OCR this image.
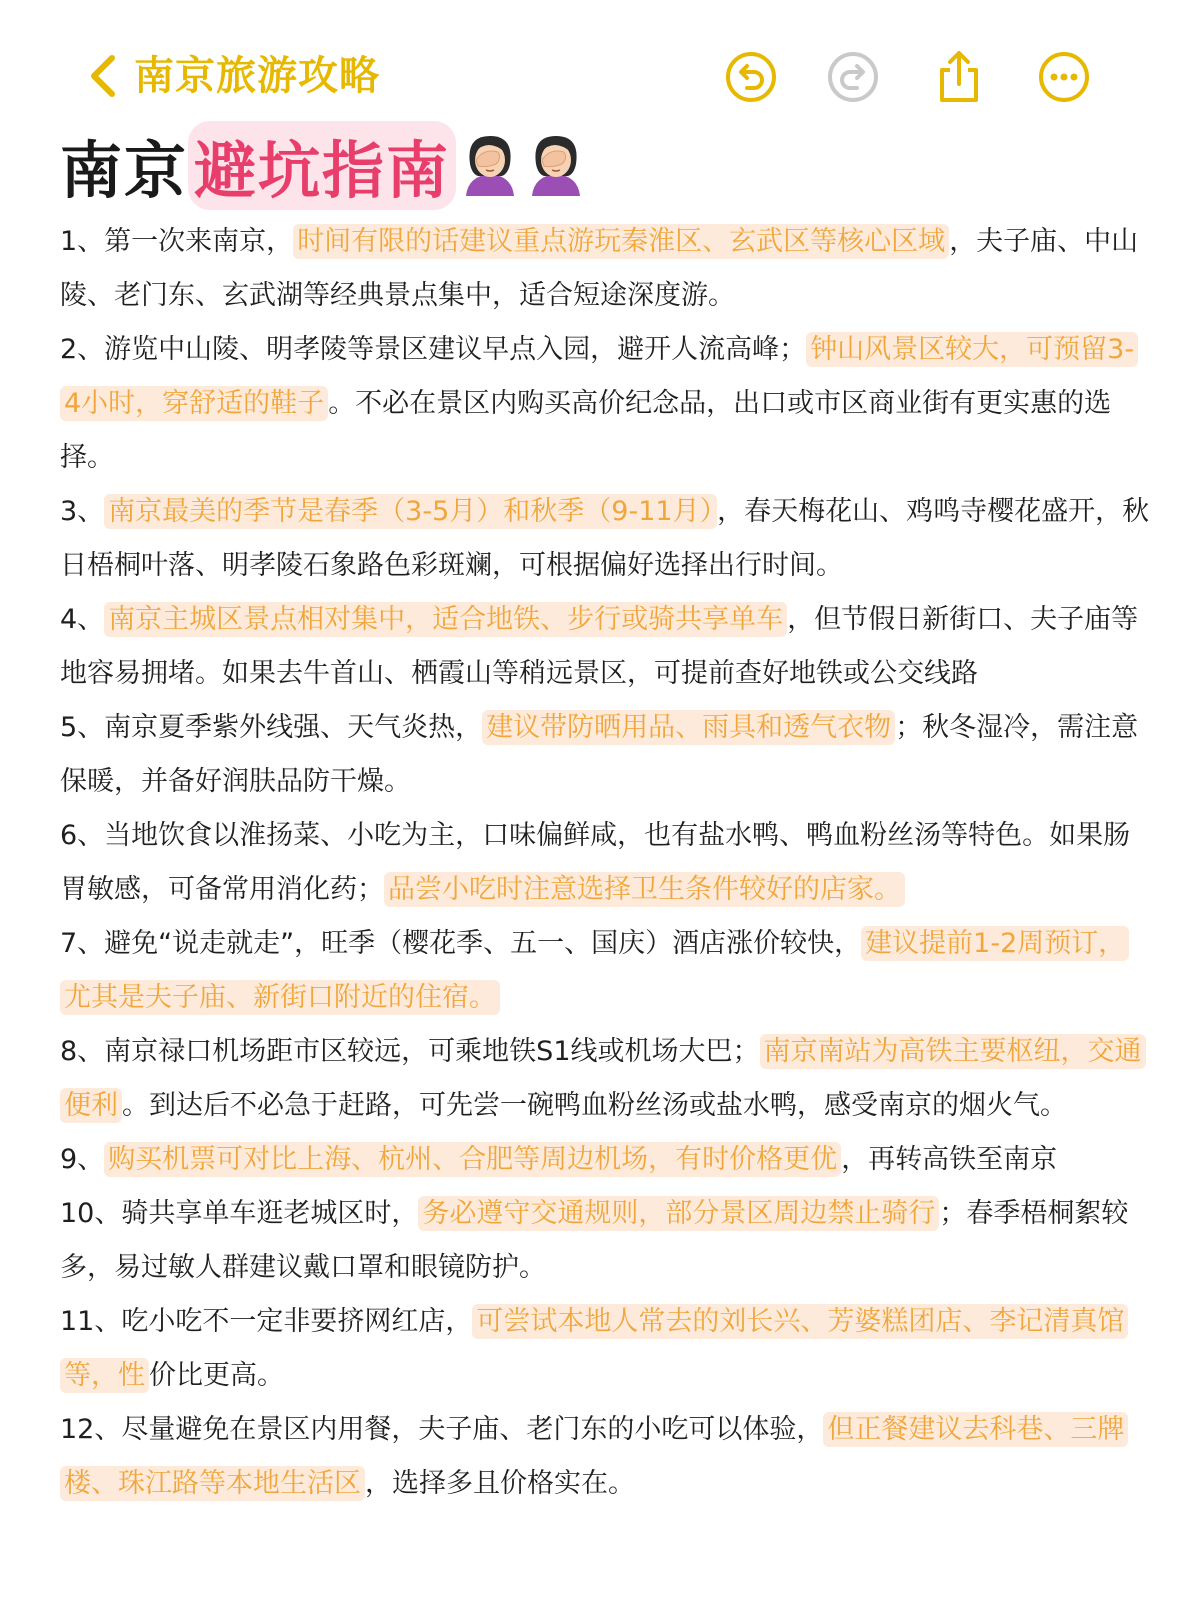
南京旅游攻略
南京 避坑指南

1、第一次来南京， 时间有限的话建议重点游玩秦淮区、玄武区等核心区域 ，夫子庙、中山陵、老门东、玄武湖等经典景点集中，适合短途深度游。

2、游览中山陵、明孝陵等景区建议早点入园，避开人流高峰； 钟山风景区较大，可预留3-4小时，穿舒适的鞋子 。不必在景区内购买高价纪念品，出口或市区商业街有更实惠的选择。

3、 南京最美的季节是春季（3-5月）和秋季（9-11月） ，春天梅花山、鸡鸣寺樱花盛开，秋日梧桐叶落、明孝陵石象路色彩斑斓，可根据偏好选择出行时间。

4、 南京主城区景点相对集中，适合地铁、步行或骑共享单车 ，但节假日新街口、夫子庙等地容易拥堵。如果去牛首山、栖霞山等稍远景区，可提前查好地铁或公交线路

5、南京夏季紫外线强、天气炎热， 建议带防晒用品、雨具和透气衣物 ；秋冬湿冷，需注意保暖，并备好润肤品防干燥。

6、当地饮食以淮扬菜、小吃为主，口味偏鲜咸，也有盐水鸭、鸭血粉丝汤等特色。如果肠胃敏感，可备常用消化药； 品尝小吃时注意选择卫生条件较好的店家。

7、避免“说走就走”，旺季（樱花季、五一、国庆）酒店涨价较快， 建议提前1-2周预订，尤其是夫子庙、新街口附近的住宿。

8、南京禄口机场距市区较远，可乘地铁S1线或机场大巴； 南京南站为高铁主要枢纽，交通便利 。到达后不必急于赶路，可先尝一碗鸭血粉丝汤或盐水鸭，感受南京的烟火气。

9、 购买机票可对比上海、杭州、合肥等周边机场，有时价格更优 ，再转高铁至南京

10、骑共享单车逛老城区时， 务必遵守交通规则，部分景区周边禁止骑行 ；春季梧桐絮较多，易过敏人群建议戴口罩和眼镜防护。

11、吃小吃不一定非要挤网红店， 可尝试本地人常去的刘长兴、芳婆糕团店、李记清真馆等，性 价比更高。

12、尽量避免在景区内用餐，夫子庙、老门东的小吃可以体验， 但正餐建议去科巷、三牌楼、珠江路等本地生活区 ，选择多且价格实在。
